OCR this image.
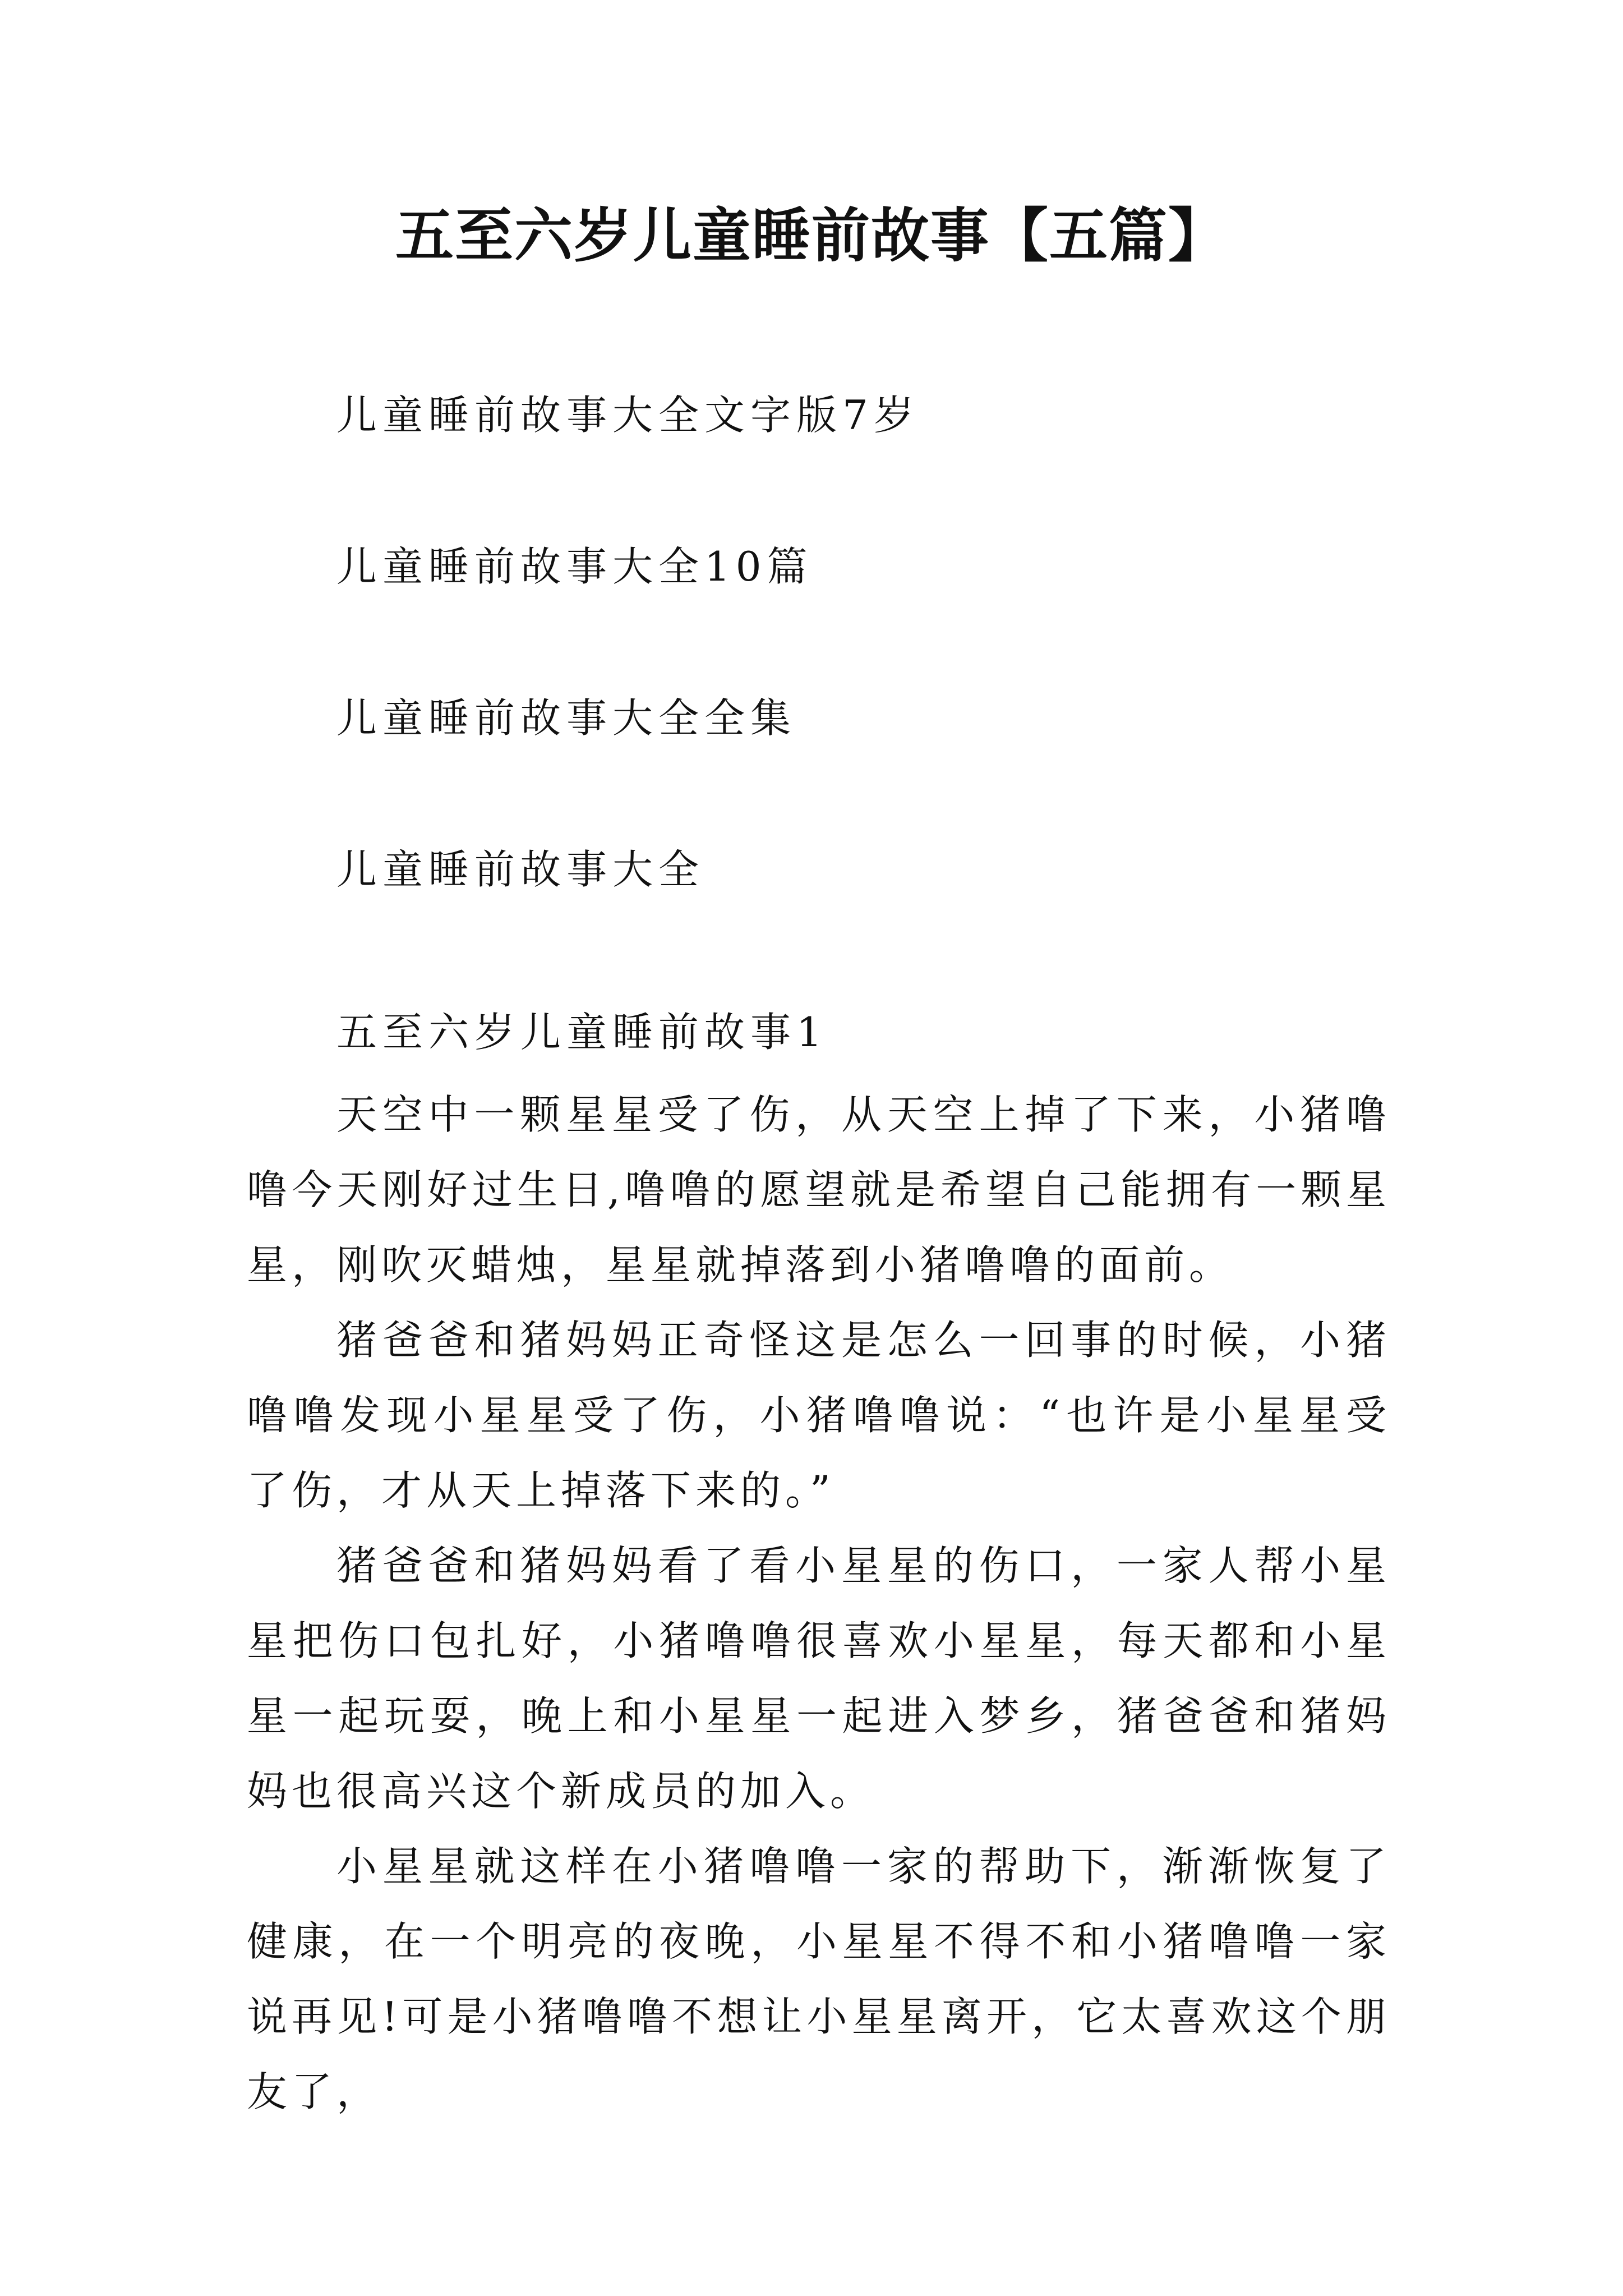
五至六岁儿童睡前故事【五篇】
儿童睡前故事大全文字版7岁
儿童睡前故事大全10篇
儿童睡前故事大全全集
儿童睡前故事大全
五至六岁儿童睡前故事1

天空中一颗星星受了伤，从天空上掉了下来，小猪噜噜今天刚好过生日,噜噜的愿望就是希望自己能拥有一颗星星，刚吹灭蜡烛，星星就掉落到小猪噜噜的面前。

猪爸爸和猪妈妈正奇怪这是怎么一回事的时候，小猪噜噜发现小星星受了伤，小猪噜噜说：“也许是小星星受了伤，才从天上掉落下来的。”

猪爸爸和猪妈妈看了看小星星的伤口，一家人帮小星星把伤口包扎好，小猪噜噜很喜欢小星星，每天都和小星星一起玩耍，晚上和小星星一起进入梦乡，猪爸爸和猪妈妈也很高兴这个新成员的加入。

小星星就这样在小猪噜噜一家的帮助下，渐渐恢复了健康，在一个明亮的夜晚，小星星不得不和小猪噜噜一家说再见!可是小猪噜噜不想让小星星离开，它太喜欢这个朋友了，
